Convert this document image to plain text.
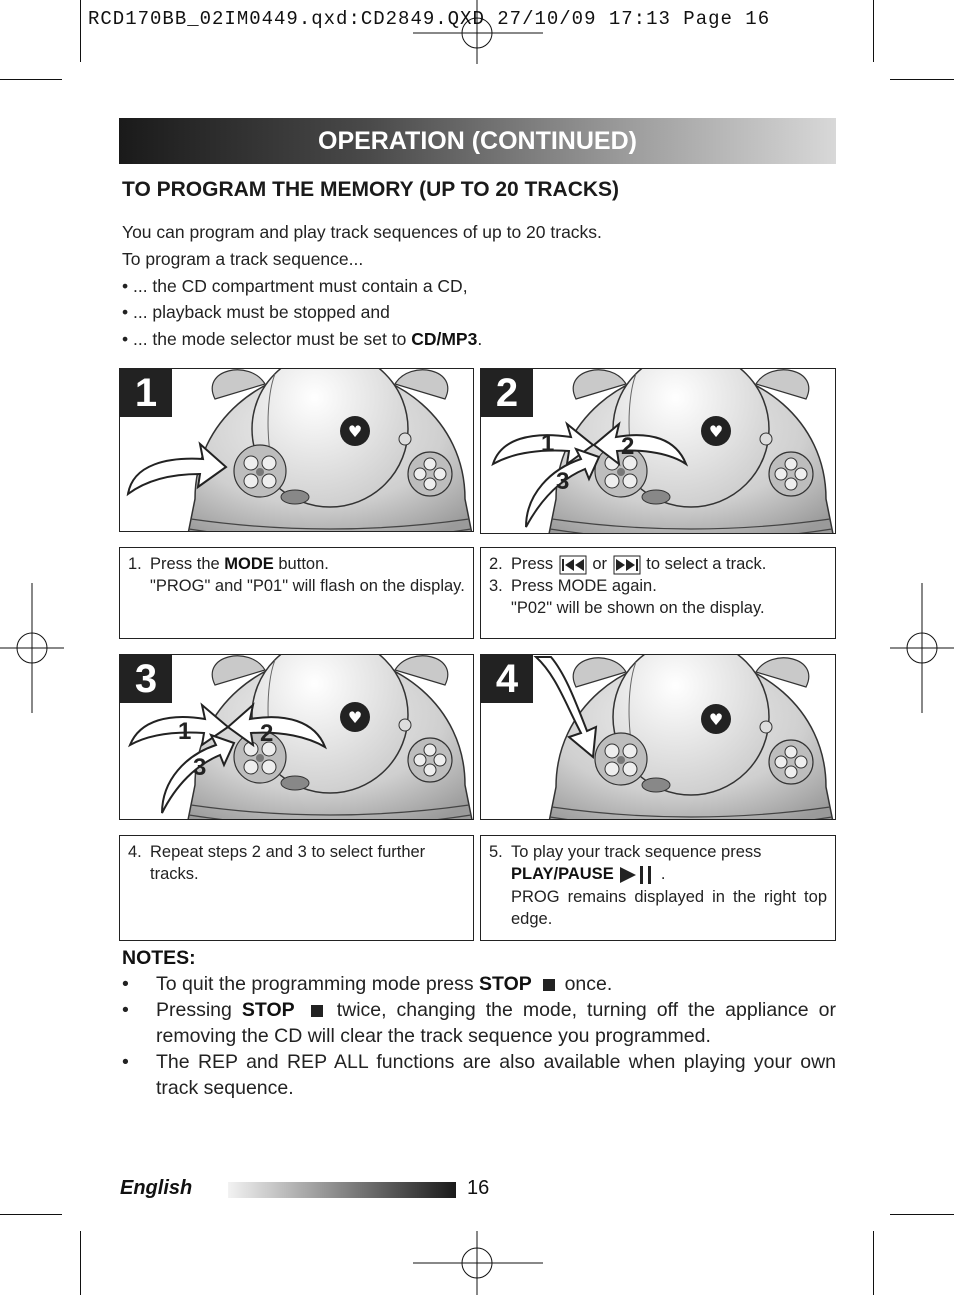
RCD170BB_02IM0449.qxd:CD2849.QXD 27/10/09 17:13 Page 16
OPERATION (CONTINUED)
TO PROGRAM THE MEMORY (UP TO 20 TRACKS)
You can program and play track sequences of up to 20 tracks.
To program a track sequence...
• ... the CD compartment must contain a CD,
• ... playback must be stopped and
• ... the mode selector must be set to CD/MP3.
1
1	2
3
2
1. Press the MODE button.
"PROG" and "P01" will flash on the display.
2. Press or to select a track.
3. Press MODE again.
"P02" will be shown on the display.
1	2
3
3	4
4. Repeat steps 2 and 3 to select further tracks.
5. To play your track sequence press
PLAY/PAUSE	.
PROG remains displayed in the right top edge.
NOTES:
•	To quit the programming mode press STOP  once.
•	Pressing STOP  twice, changing the mode, turning off the appliance or removing the CD will clear the track sequence you programmed.
•	The REP and REP ALL functions are also available when playing your own track sequence.
English	16
